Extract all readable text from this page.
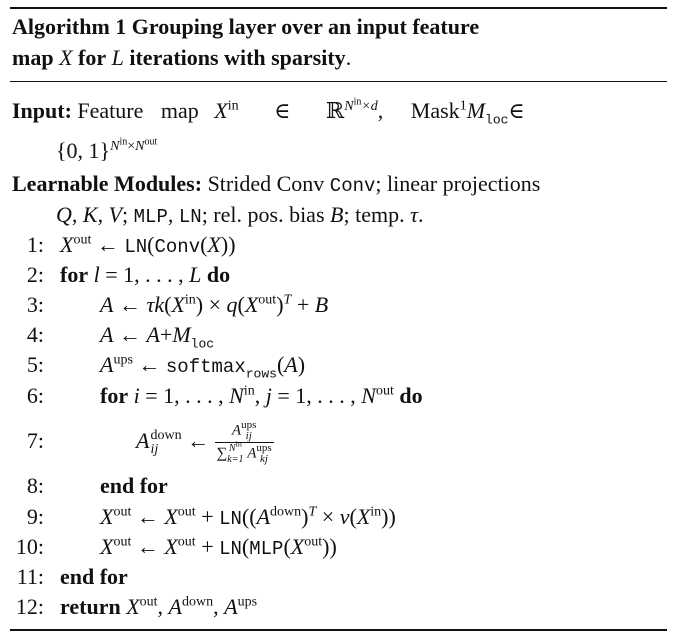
Algorithm 1 Grouping layer over an input feature
map X for L iterations with sparsity.
Input: Feature map $X^{in}$ ∈ ℝ$^{N^{in}\times d}$, $Mask^1M_{loc}\in$
{0, 1}$^{N^{in}\times N^{out}}$
Learnable Modules: Strided Conv Conv; linear projections
Q, K, V; MLP, LN; rel. pos. bias B; temp. τ.
1: $X^{out}$ ← LN(Conv(X))
2: for l = 1, . . . , L do
3:	A ← $\tau k(X^{in}) \times q(X^{out})^T + B$
4:	A ← $A+M_{loc}$
5:	$A^{ups}$ ← softmax$_{rows}$(A)
6:	for i = 1, . . . , $N^{in}$, j = 1, . . . , $N^{out}$ do
7:	A down
ij	← A ups
ij
∑ $N^{in}$
k=1 A ups
kj
8:	end for
9:	$X^{out}$ ← $X^{out} + LN((A^{down})^T \times v(X^{in}))$
10:	$X^{out}$ ← $X^{out} + LN(MLP(X^{out}))$
11: end for
12: return $X^{out}$, $A^{down}$, $A^{ups}$
